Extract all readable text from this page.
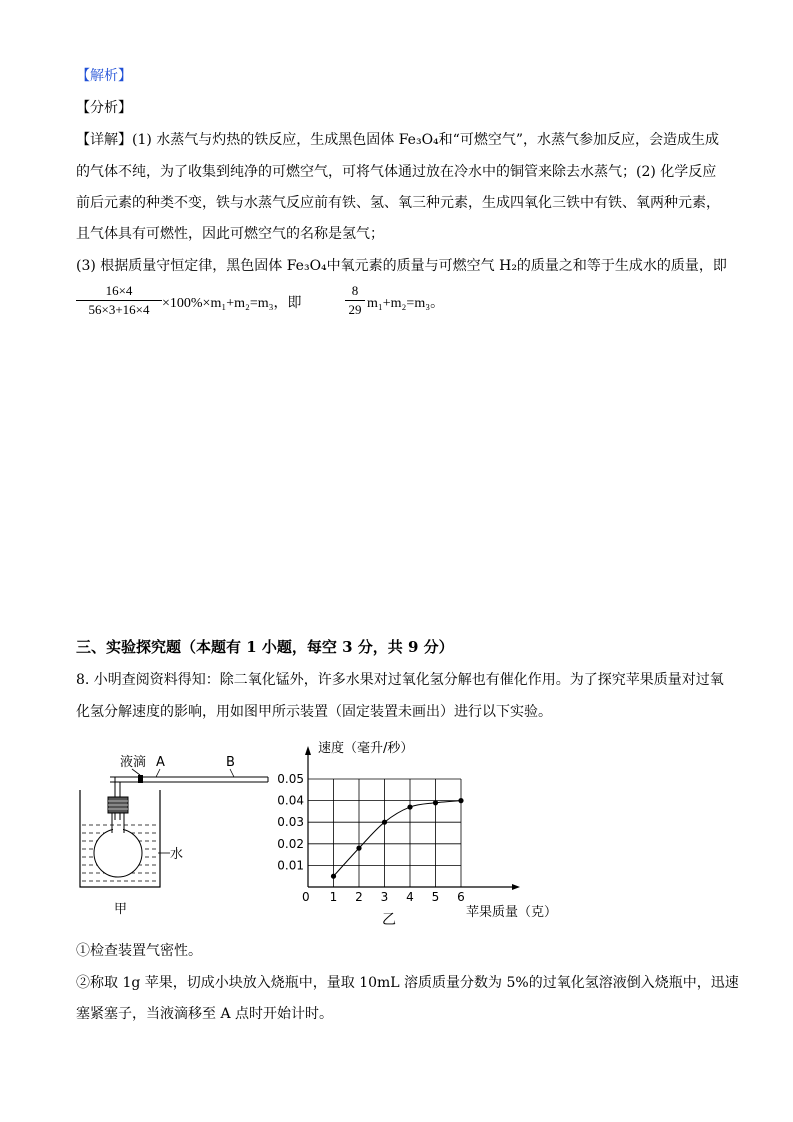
【解析】
【分析】
【详解】(1) 水蒸气与灼热的铁反应，生成黑色固体 Fe₃O₄和“可燃空气”，水蒸气参加反应，会造成生成
的气体不纯，为了收集到纯净的可燃空气，可将气体通过放在冷水中的铜管来除去水蒸气；(2) 化学反应
前后元素的种类不变，铁与水蒸气反应前有铁、氢、氧三种元素，生成四氧化三铁中有铁、氧两种元素，
且气体具有可燃性，因此可燃空气的名称是氢气；
(3) 根据质量守恒定律，黑色固体 Fe₃O₄中氧元素的质量与可燃空气 H₂的质量之和等于生成水的质量，即
16×4
56×3+16×4 ×100%×m₁+m₂=m₃，即
8
29 m₁+m₂=m₃。
三、实验探究题（本题有 1 小题，每空 3 分，共 9 分）
8. 小明查阅资料得知：除二氧化锰外，许多水果对过氧化氢分解也有催化作用。为了探究苹果质量对过氧
化氢分解速度的影响，用如图甲所示装置（固定装置未画出）进行以下实验。
液滴 A	B
水
甲
0.01
0.02
0.03
0.04
0.05
1 2 3 4 5 6
速度（毫升/秒）
苹果质量（克）
乙
0
①检查装置气密性。
②称取 1g 苹果，切成小块放入烧瓶中，量取 10mL 溶质质量分数为 5%的过氧化氢溶液倒入烧瓶中，迅速
塞紧塞子，当液滴移至 A 点时开始计时。
